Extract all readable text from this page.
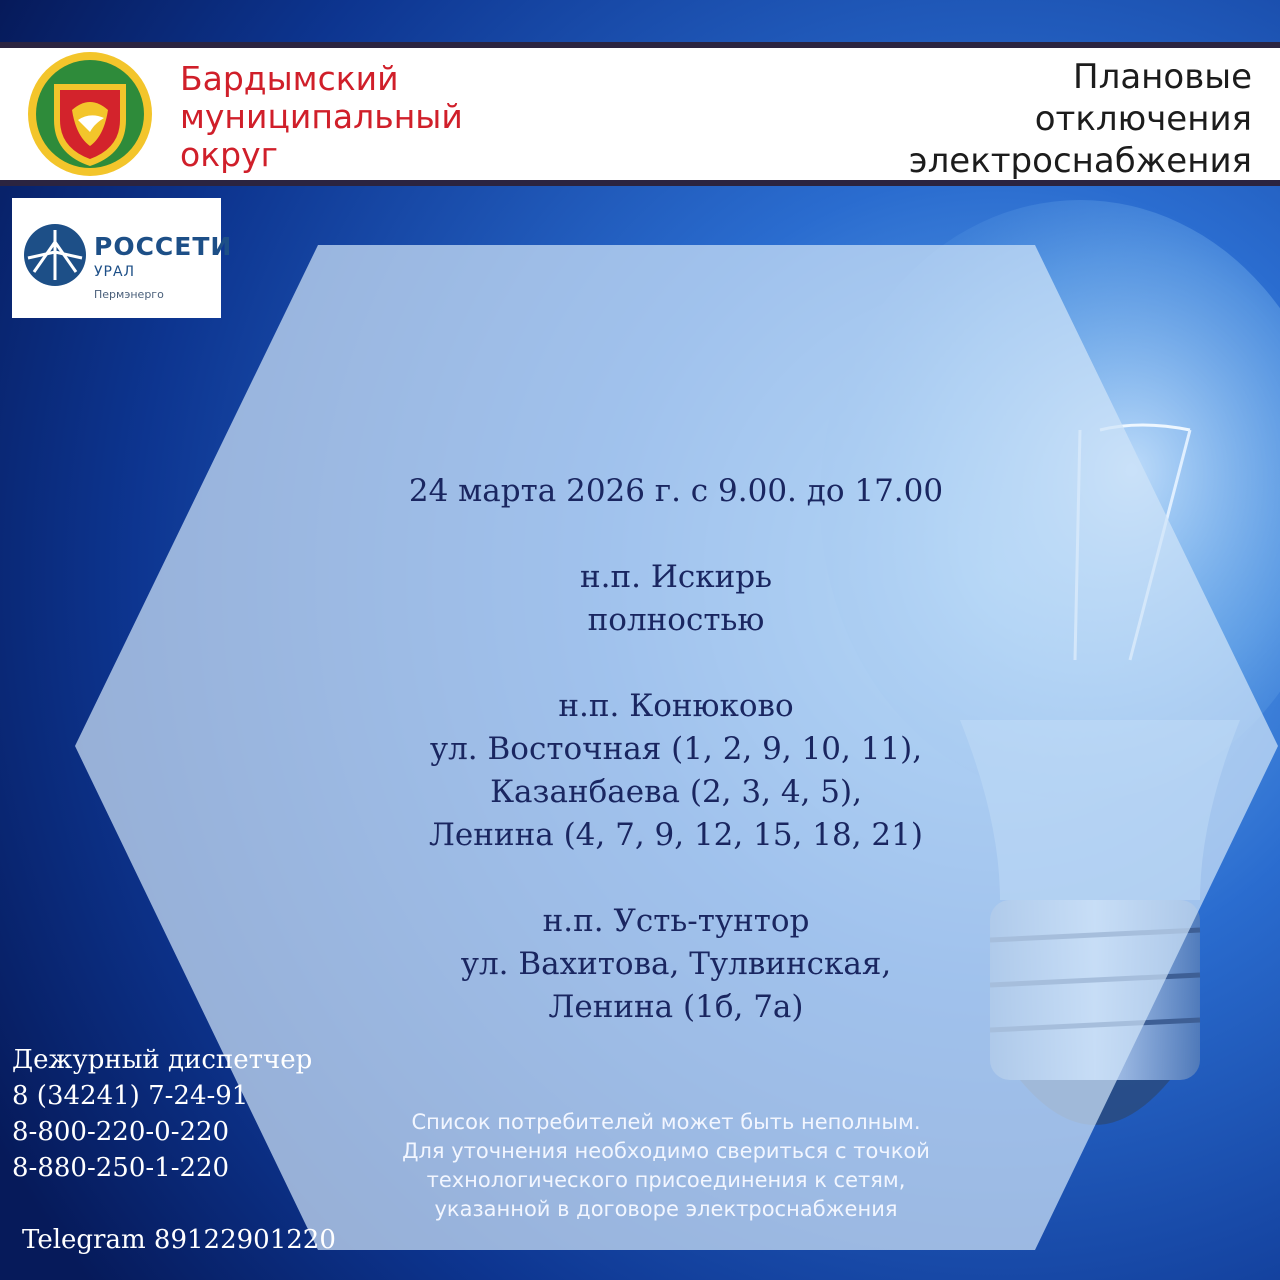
Бардымский
муниципальный
округ
Плановые
отключения
электроснабжения
РОССЕТИ
УРАЛ
Пермэнерго
24 марта 2026 г. с 9.00. до 17.00
н.п. Искирь
полностью
н.п. Конюково
ул. Восточная (1, 2, 9, 10, 11),
Казанбаева (2, 3, 4, 5),
Ленина (4, 7, 9, 12, 15, 18, 21)
н.п. Усть-тунтор
ул. Вахитова, Тулвинская,
Ленина (1б, 7а)
Список потребителей может быть неполным.
Для уточнения необходимо свериться с точкой
технологического присоединения к сетям,
указанной в договоре электроснабжения
Дежурный диспетчер
8 (34241) 7-24-91
8-800-220-0-220
8-880-250-1-220
Telegram 89122901220
